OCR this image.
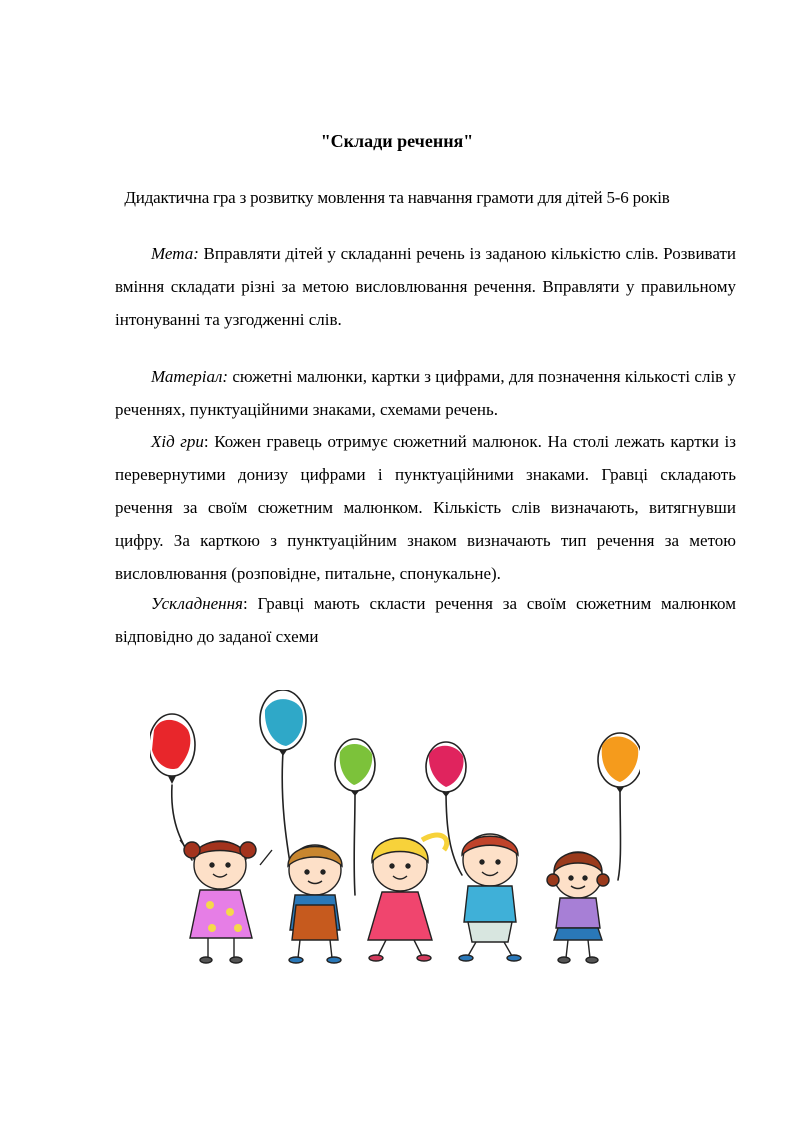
"Склади речення"
Дидактична гра з розвитку мовлення та навчання грамоти для дітей 5-6 років

Мета: Вправляти дітей у складанні речень із заданою кількістю слів. Розвивати вміння складати різні за метою висловлювання речення. Вправляти у правильному інтонуванні та узгодженні слів.

Матеріал: сюжетні малюнки, картки з цифрами, для позначення кількості слів у реченнях, пунктуаційними знаками, схемами речень.

Хід гри: Кожен гравець отримує сюжетний малюнок. На столі лежать картки із перевернутими донизу цифрами і пунктуаційними знаками. Гравці складають речення за своїм сюжетним малюнком. Кількість слів визначають, витягнувши цифру. За карткою з пунктуаційним знаком визначають тип речення за метою висловлювання (розповідне, питальне, спонукальне).

Ускладнення: Гравці мають скласти речення за своїм сюжетним малюнком відповідно до заданої схеми
